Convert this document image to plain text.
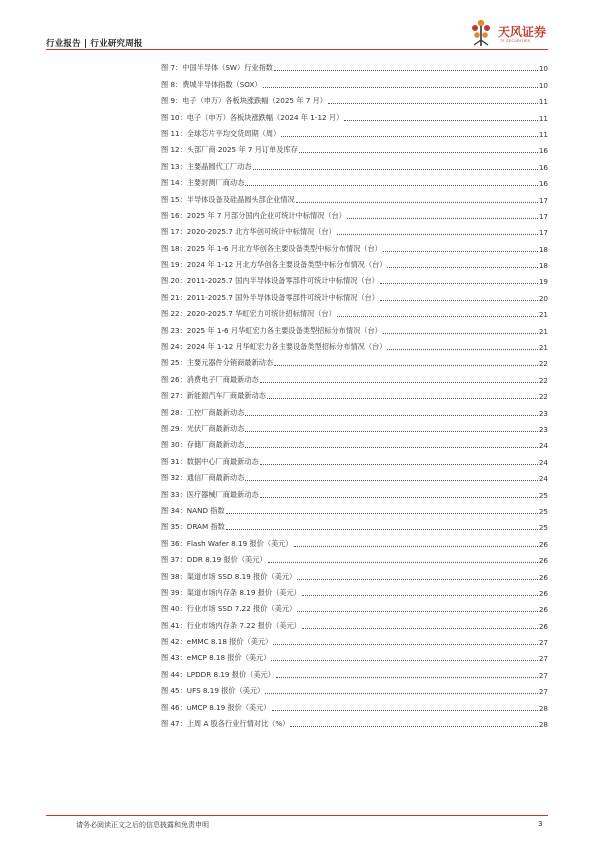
行业报告 | 行业研究周报
天风证券
TF SECURITIES
图 7：中国半导体（SW）行业指数	10
图 8：费城半导体指数（SOX）	10
图 9：电子（申万）各板块涨跌幅（2025 年 7 月）	11
图 10：电子（申万）各板块涨跌幅（2024 年 1-12 月）	11
图 11：全球芯片平均交货周期（周）	11
图 12：头部厂商 2025 年 7 月订单及库存	16
图 13：主要晶圆代工厂动态	16
图 14：主要封测厂商动态	16
图 15：半导体设备及硅晶圆头部企业情况	17
图 16：2025 年 7 月部分国内企业可统计中标情况（台）	17
图 17：2020-2025.7 北方华创可统计中标情况（台）	17
图 18：2025 年 1-6 月北方华创各主要设备类型中标分布情况（台）	18
图 19：2024 年 1-12 月北方华创各主要设备类型中标分布情况（台）	18
图 20：2011-2025.7 国内半导体设备零部件可统计中标情况（台）	19
图 21：2011-2025.7 国外半导体设备零部件可统计中标情况（台）	20
图 22：2020-2025.7 华虹宏力可统计招标情况（台）	21
图 23：2025 年 1-6 月华虹宏力各主要设备类型招标分布情况（台）	21
图 24：2024 年 1-12 月华虹宏力各主要设备类型招标分布情况（台）	21
图 25：主要元器件分销商最新动态	22
图 26：消费电子厂商最新动态	22
图 27：新能源汽车厂商最新动态	22
图 28：工控厂商最新动态	23
图 29：光伏厂商最新动态	23
图 30：存储厂商最新动态	24
图 31：数据中心厂商最新动态	24
图 32：通信厂商最新动态	24
图 33：医疗器械厂商最新动态	25
图 34：NAND 指数	25
图 35：DRAM 指数	25
图 36：Flash Wafer 8.19 报价（美元）	26
图 37：DDR 8.19 报价（美元）	26
图 38：渠道市场 SSD 8.19 报价（美元）	26
图 39：渠道市场内存条 8.19 报价（美元）	26
图 40：行业市场 SSD 7.22 报价（美元）	26
图 41：行业市场内存条 7.22 报价（美元）	26
图 42：eMMC 8.18 报价（美元）	27
图 43：eMCP 8.18 报价（美元）	27
图 44：LPDDR 8.19 报价（美元）	27
图 45：UFS 8.19 报价（美元）	27
图 46：uMCP 8.19 报价（美元）	28
图 47：上周 A 股各行业行情对比（%）	28
请务必阅读正文之后的信息披露和免责申明	3
